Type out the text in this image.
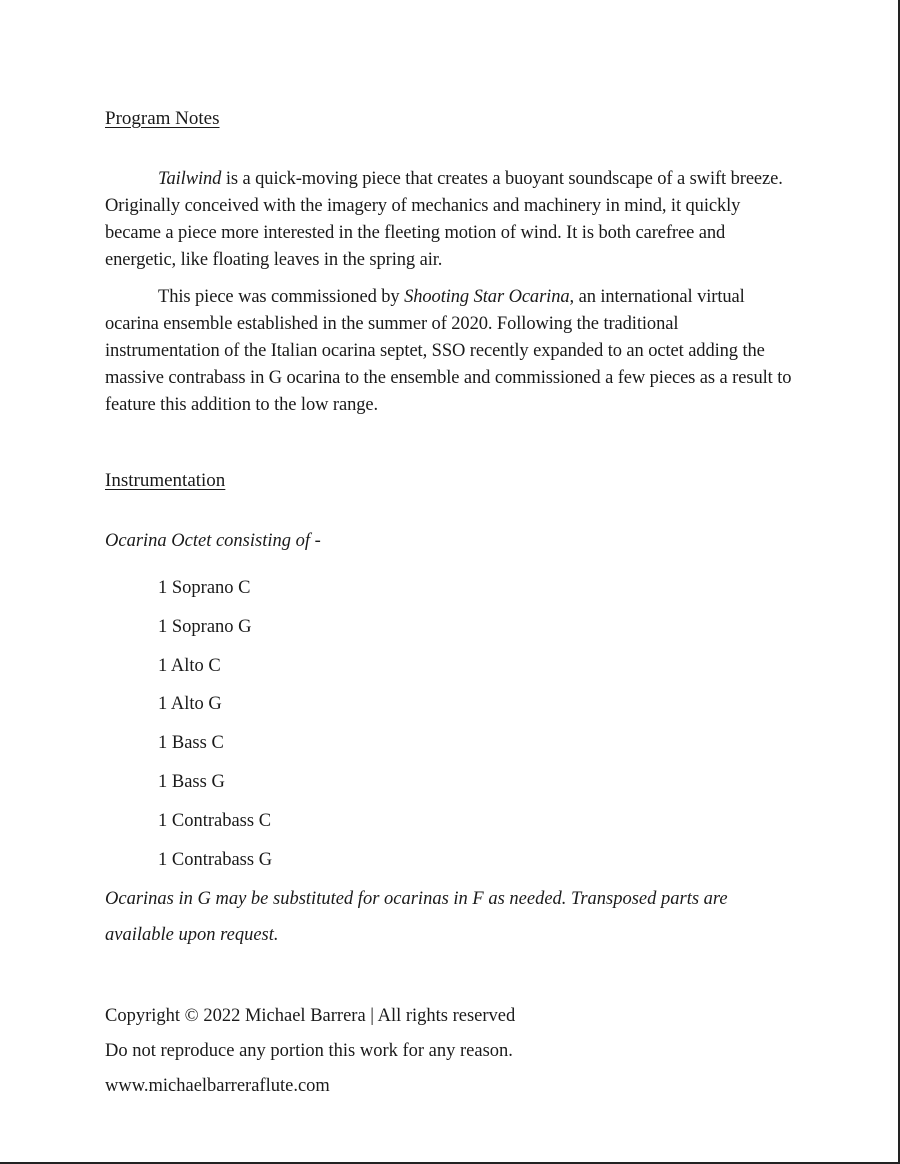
Program Notes

Tailwind is a quick-moving piece that creates a buoyant soundscape of a swift breeze. Originally conceived with the imagery of mechanics and machinery in mind, it quickly became a piece more interested in the fleeting motion of wind. It is both carefree and energetic, like floating leaves in the spring air.

This piece was commissioned by Shooting Star Ocarina, an international virtual ocarina ensemble established in the summer of 2020. Following the traditional instrumentation of the Italian ocarina septet, SSO recently expanded to an octet adding the massive contrabass in G ocarina to the ensemble and commissioned a few pieces as a result to feature this addition to the low range.

Instrumentation

Ocarina Octet consisting of -

1 Soprano C
1 Soprano G
1 Alto C
1 Alto G
1 Bass C
1 Bass G
1 Contrabass C
1 Contrabass G

Ocarinas in G may be substituted for ocarinas in F as needed. Transposed parts are available upon request.

Copyright © 2022 Michael Barrera | All rights reserved

Do not reproduce any portion this work for any reason.

www.michaelbarreraflute.com
